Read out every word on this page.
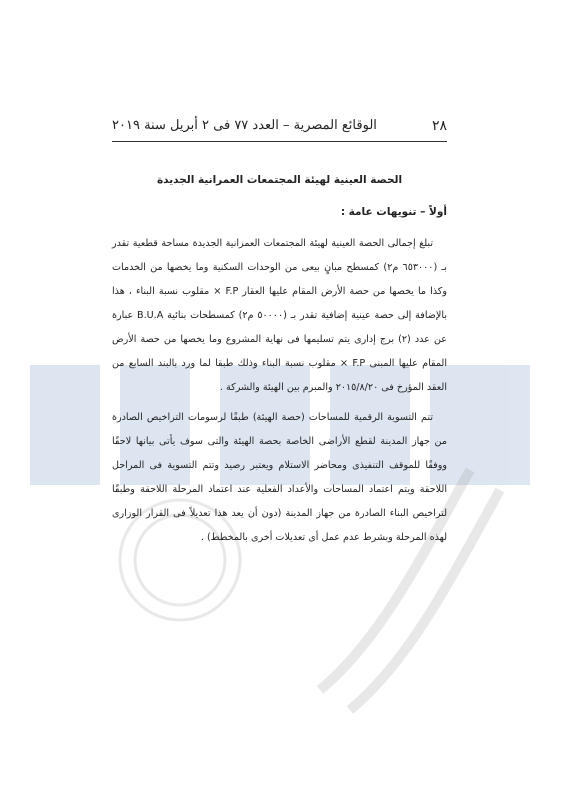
٢٨
الوقائع المصرية – العدد ٧٧ فى ٢ أبريل سنة ٢٠١٩

الحصة العينية لهيئة المجتمعات العمرانية الجديدة

أولاً – تنويهات عامة :

تبلغ إجمالى الحصة العينية لهيئة المجتمعات العمرانية الجديدة مساحة قطعية تقدر بـ (٦٥٣٠٠٠ م٢) كمسطح مبانٍ بيعى من الوحدات السكنية وما يخصها من الخدمات وكذا ما يخصها من حصة الأرض المقام عليها العقار F.P × مقلوب نسبة البناء ، هذا بالإضافة إلى حصة عينية إضافية تقدر بـ (٥٠٠٠٠ م٢) كمسطحات بنائية B.U.A عبارة عن عدد (٢) برج إدارى يتم تسليمها فى نهاية المشروع وما يخصها من حصة الأرض المقام عليها المبنى F.P × مقلوب نسبة البناء وذلك طبقا لما ورد بالبند السابع من العقد المؤرخ فى ٢٠١٥/٨/٢٠ والمبرم بين الهيئة والشركة .

تتم التسوية الرقمية للمساحات (حصة الهيئة) طبقًا لرسومات التراخيص الصادرة من جهاز المدينة لقطع الأراضى الخاصة بحصة الهيئة والتى سوف يأتى بيانها لاحقًا ووفقًا للموقف التنفيذى ومحاضر الاستلام ويعتبر رصيد وتتم التسوية فى المراحل اللاحقة ويتم اعتماد المساحات والأعداد الفعلية عند اعتماد المرحلة اللاحقة وطبقًا لتراخيص البناء الصادرة من جهاز المدينة (دون أن يعد هذا تعديلاً فى القرار الوزارى لهذه المرحلة وبشرط عدم عمل أى تعديلات أخرى بالمخطط) .
